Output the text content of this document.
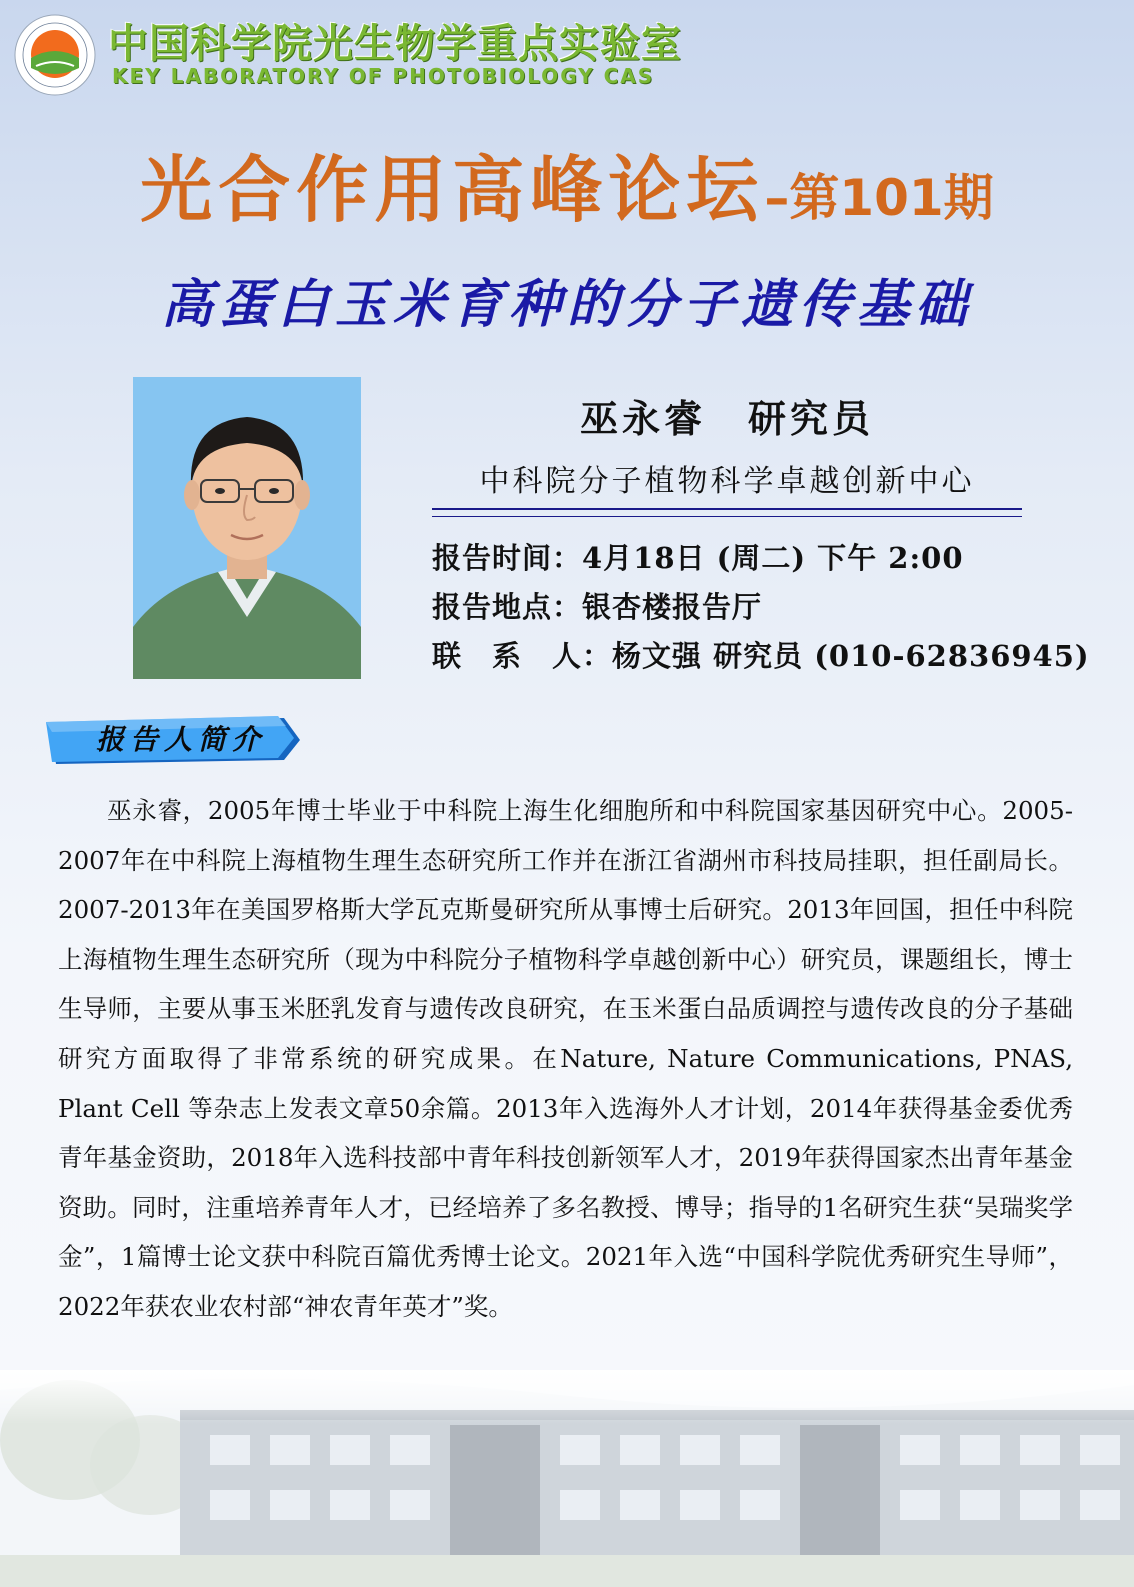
中国科学院光生物学重点实验室
KEY LABORATORY OF PHOTOBIOLOGY CAS
光合作用高峰论坛–第101期
高蛋白玉米育种的分子遗传基础
巫永睿　研究员
中科院分子植物科学卓越创新中心
报告时间：4月18日 (周二) 下午 2:00
报告地点：银杏楼报告厅
联　系　人：杨文强 研究员 (010-62836945)
报告人简介

巫永睿，2005年博士毕业于中科院上海生化细胞所和中科院国家基因研究中心。2005-2007年在中科院上海植物生理生态研究所工作并在浙江省湖州市科技局挂职，担任副局长。2007-2013年在美国罗格斯大学瓦克斯曼研究所从事博士后研究。2013年回国，担任中科院上海植物生理生态研究所（现为中科院分子植物科学卓越创新中心）研究员，课题组长，博士生导师，主要从事玉米胚乳发育与遗传改良研究，在玉米蛋白品质调控与遗传改良的分子基础研究方面取得了非常系统的研究成果。在Nature, Nature Communications, PNAS, Plant Cell 等杂志上发表文章50余篇。2013年入选海外人才计划，2014年获得基金委优秀青年基金资助，2018年入选科技部中青年科技创新领军人才，2019年获得国家杰出青年基金资助。同时，注重培养青年人才，已经培养了多名教授、博导；指导的1名研究生获“吴瑞奖学金”，1篇博士论文获中科院百篇优秀博士论文。2021年入选“中国科学院优秀研究生导师”，2022年获农业农村部“神农青年英才”奖。
